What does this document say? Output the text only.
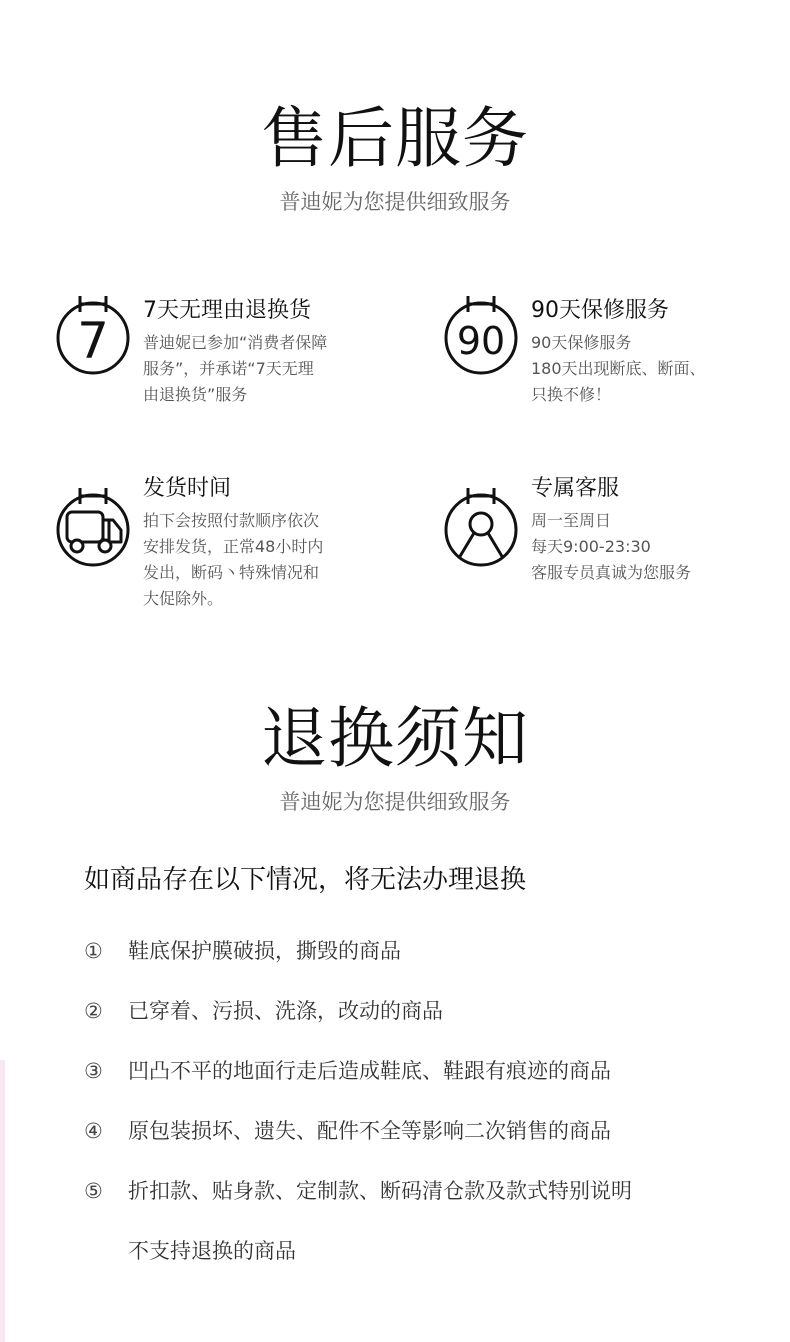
售后服务
普迪妮为您提供细致服务
7
7天无理由退换货
普迪妮已参加“消费者保障
服务”，并承诺“7天无理
由退换货”服务
90
90天保修服务
90天保修服务
180天出现断底、断面、
只换不修！
发货时间
拍下会按照付款顺序依次
安排发货，正常48小时内
发出，断码丶特殊情况和
大促除外。
专属客服
周一至周日
每天9:00-23:30
客服专员真诚为您服务
退换须知
普迪妮为您提供细致服务
如商品存在以下情况，将无法办理退换
①	鞋底保护膜破损，撕毁的商品
②	已穿着、污损、洗涤，改动的商品
③	凹凸不平的地面行走后造成鞋底、鞋跟有痕迹的商品
④	原包装损坏、遗失、配件不全等影响二次销售的商品
⑤	折扣款、贴身款、定制款、断码清仓款及款式特别说明
不支持退换的商品
